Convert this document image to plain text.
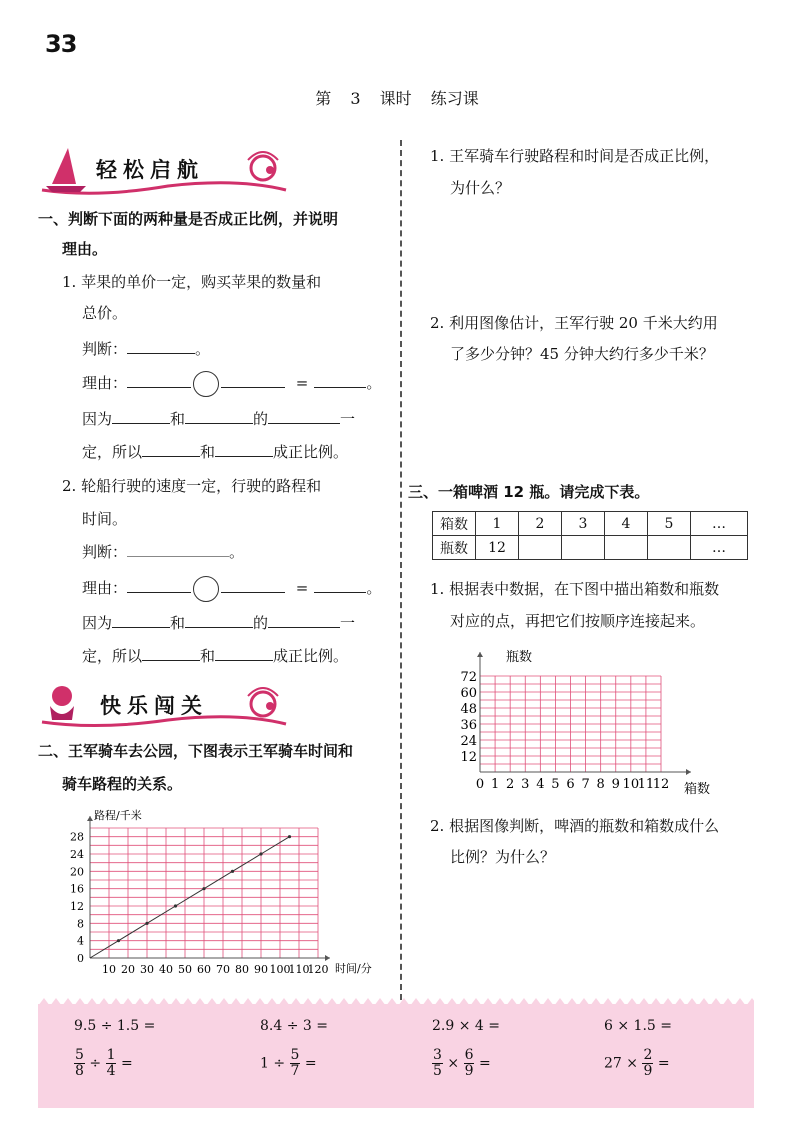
33
第 3 课时 练习课
轻松启航
一、判断下面的两种量是否成正比例，并说明
理由。
1. 苹果的单价一定，购买苹果的数量和
总价。
判断：	。
理由：	=	。
因为	和	的	一
定，所以	和	成正比例。
2. 轮船行驶的速度一定，行驶的路程和
时间。
判断：	。
理由：	=	。
因为	和	的	一
定，所以	和	成正比例。
快乐闯关
二、王军骑车去公园，下图表示王军骑车时间和
骑车路程的关系。
10 20 30 40 50 60 70 80 90 100
110
120
0
4
8
12
16
20
24
28
路程/千米
时间/分
1. 王军骑车行驶路程和时间是否成正比例，
为什么？
2. 利用图像估计，王军行驶 20 千米大约用
了多少分钟？45 分钟大约行多少千米？
三、一箱啤酒 12 瓶。请完成下表。
箱数	1	2	3	4	5	…
瓶数	12					…
1. 根据表中数据，在下图中描出箱数和瓶数
对应的点，再把它们按顺序连接起来。
0 1 2 3 4 5 6 7 8 9 10
11
12
12
24
36
48
60
72
瓶数
箱数
2. 根据图像判断，啤酒的瓶数和箱数成什么
比例？为什么？
9.5 ÷ 1.5 =	8.4 ÷ 3 =	2.9 × 4 =	6 × 1.5 =
$\frac{5}{8} \div \frac{1}{4}$ =	$1 \div \frac{5}{7}$ =	$\frac{3}{5} \times \frac{6}{9}$ =	$27 \times \frac{2}{9}$ =
